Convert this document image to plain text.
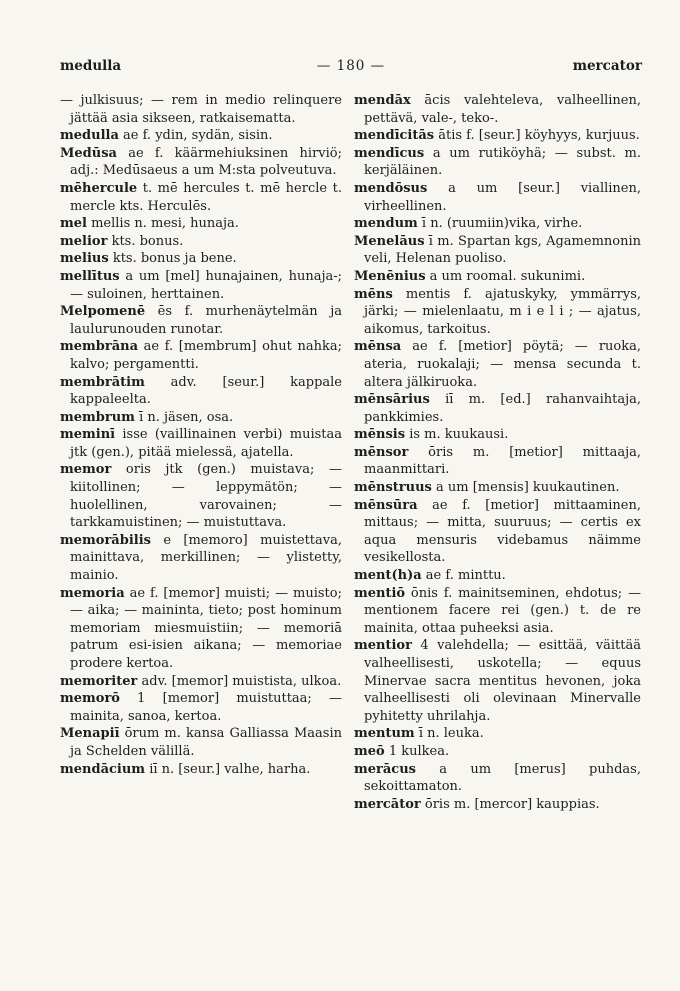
medulla	— 180 —	mercator

— julkisuus; — rem in medio relinquere jättää asia sikseen, ratkaisematta.

medulla ae f. ydin, sydän, sisin.

Medūsa ae f. käärmehiuksinen hirviö; adj.: Medūsaeus a um M:sta polveutuva.

mēhercule t. mē hercules t. mē hercle t. mercle kts. Herculēs.

mel mellis n. mesi, hunaja.

melior kts. bonus.

melius kts. bonus ja bene.

mellītus a um [mel] hunajainen, hunaja-; — suloinen, herttainen.

Melpomenē ēs f. murhenäytelmän ja laulurunouden runotar.

membrāna ae f. [membrum] ohut nahka; kalvo; pergamentti.

membrātim adv. [seur.] kappale kappaleelta.

membrum ī n. jäsen, osa.

meminī isse (vaillinainen verbi) muistaa jtk (gen.), pitää mielessä, ajatella.

memor oris jtk (gen.) muistava; — kiitollinen; — leppymätön; — huolellinen, varovainen; — tarkkamuistinen; — muistuttava.

memorābilis e [memoro] muistettava, mainittava, merkillinen; — ylistetty, mainio.

memoria ae f. [memor] muisti; — muisto; — aika; — maininta, tieto; post hominum memoriam miesmuistiin; — memoriā patrum esi-isien aikana; — memoriae prodere kertoa.

memoriter adv. [memor] muistista, ulkoa.

memorō 1 [memor] muistuttaa; — mainita, sanoa, kertoa.

Menapiī ōrum m. kansa Galliassa Maasin ja Schelden välillä.

mendācium iī n. [seur.] valhe, harha.

mendāx ācis valehteleva, valheellinen, pettävä, vale-, teko-.

mendīcitās ātis f. [seur.] köyhyys, kurjuus.

mendīcus a um rutiköyhä; — subst. m. kerjäläinen.

mendōsus a um [seur.] viallinen, virheellinen.

mendum ī n. (ruumiin)vika, virhe.

Menelāus ī m. Spartan kgs, Agamemnonin veli, Helenan puoliso.

Menēnius a um roomal. sukunimi.

mēns mentis f. ajatuskyky, ymmärrys, järki; — mielenlaatu, m i e l i ; — ajatus, aikomus, tarkoitus.

mēnsa ae f. [metior] pöytä; — ruoka, ateria, ruokalaji; — mensa secunda t. altera jälkiruoka.

mēnsārius iī m. [ed.] rahanvaihtaja, pankkimies.

mēnsis is m. kuukausi.

mēnsor ōris m. [metior] mittaaja, maanmittari.

mēnstruus a um [mensis] kuukautinen.

mēnsūra ae f. [metior] mittaaminen, mittaus; — mitta, suuruus; — certis ex aqua mensuris videbamus näimme vesikellosta.

ment(h)a ae f. minttu.

mentiō ōnis f. mainitseminen, ehdotus; — mentionem facere rei (gen.) t. de re mainita, ottaa puheeksi asia.

mentior 4 valehdella; — esittää, väittää valheellisesti, uskotella; — equus Minervae sacra mentitus hevonen, joka valheellisesti oli olevinaan Minervalle pyhitetty uhrilahja.

mentum ī n. leuka.

meō 1 kulkea.

merācus a um [merus] puhdas, sekoittamaton.

mercātor ōris m. [mercor] kauppias.
